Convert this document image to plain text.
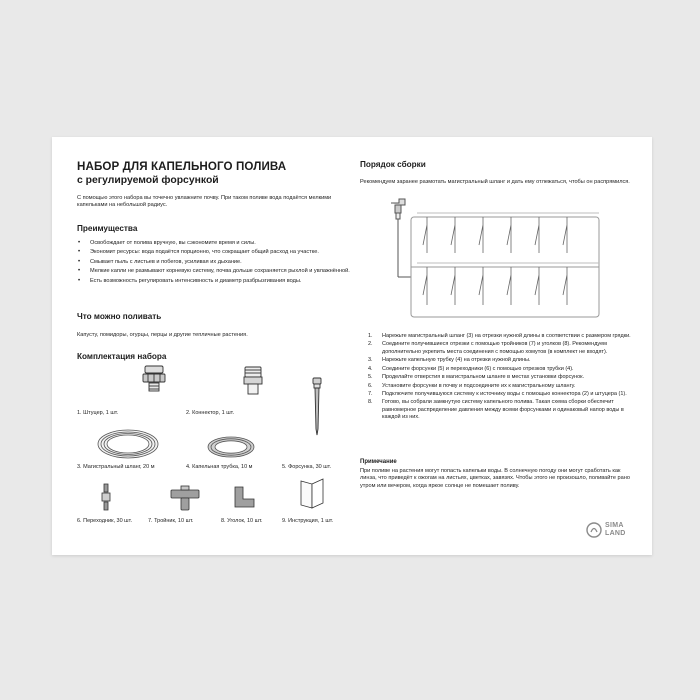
НАБОР ДЛЯ КАПЕЛЬНОГО ПОЛИВА
с регулируемой форсункой
С помощью этого набора вы точечно увлажните почву. При таком поливе вода подаётся мелкими капельками на небольшой радиус.
Преимущества
• Освобождает от полива вручную, вы сэкономите время и силы.
• Экономит ресурсы: вода подаётся порционно, что сокращает общий расход на участке.
• Смывает пыль с листьев и побегов, усиливая их дыхание.
• Мелкие капли не размывают корневую систему, почва дольше сохраняется рыхлой и увлажнённой.
• Есть возможность регулировать интенсивность и диаметр разбрызгивания воды.
Что можно поливать
Капусту, помидоры, огурцы, перцы и другие тепличные растения.
Комплектация набора
1. Штуцер, 1 шт.	2. Коннектор, 1 шт.
3. Магистральный шланг, 20 м	4. Капельная трубка, 10 м	5. Форсунка, 30 шт.
6. Переходник, 30 шт.	7. Тройник, 10 шт.	8. Уголок, 10 шт.	9. Инструкция, 1 шт.
Порядок сборки
Рекомендуем заранее размотать магистральный шланг и дать ему отлежаться, чтобы он распрямился.
1. Нарежьте магистральный шланг (3) на отрезки нужной длины в соответствии с размером грядки.
2. Соедините получившиеся отрезки с помощью тройников (7) и уголков (8). Рекомендуем дополнительно укрепить места соединения с помощью хомутов (в комплект не входят).
3. Нарежьте капельную трубку (4) на отрезки нужной длины.
4. Соедините форсунки (5) и переходники (6) с помощью отрезков трубки (4).
5. Проделайте отверстия в магистральном шланге в местах установки форсунок.
6. Установите форсунки в почву и подсоедините их к магистральному шлангу.
7. Подключите получившуюся систему к источнику воды с помощью коннектора (2) и штуцера (1).
8. Готово, вы собрали замкнутую систему капельного полива. Такая схема сборки обеспечит равномерное распределение давления между всеми форсунками и одинаковый напор воды в каждой из них.
Примечание
При поливе на растения могут попасть капельки воды. В солнечную погоду они могут сработать как линза, что приведёт к ожогам на листьях, цветках, завязях. Чтобы этого не произошло, поливайте рано утром или вечером, когда яркое солнце не помешает поливу.
SIMA
LAND
